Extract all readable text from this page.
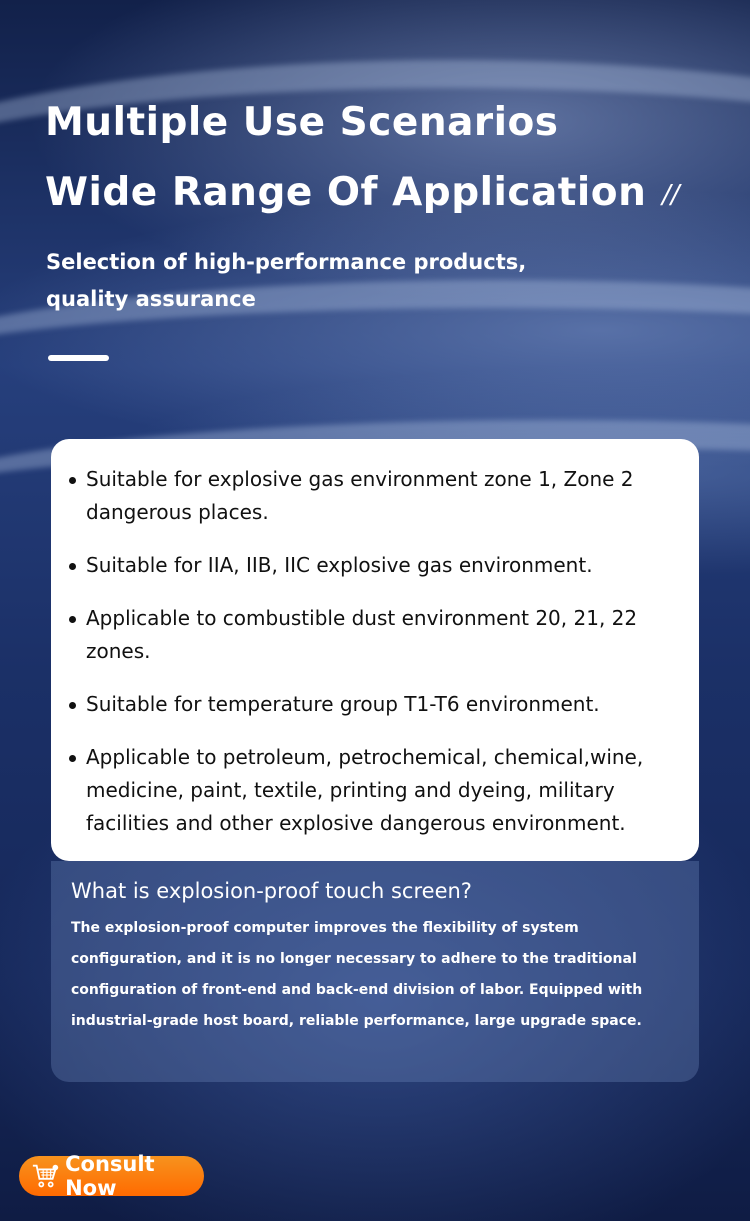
Multiple Use Scenarios
Wide Range Of Application //
Selection of high-performance products,
quality assurance
Suitable for explosive gas environment zone 1, Zone 2 dangerous places.
Suitable for IIA, IIB, IIC explosive gas environment.
Applicable to combustible dust environment 20, 21, 22 zones.
Suitable for temperature group T1-T6 environment.
Applicable to petroleum, petrochemical, chemical,wine, medicine, paint, textile, printing and dyeing, military facilities and other explosive dangerous environment.
What is explosion-proof touch screen?
The explosion-proof computer improves the flexibility of system configuration, and it is no longer necessary to adhere to the traditional configuration of front-end and back-end division of labor. Equipped with industrial-grade host board, reliable performance, large upgrade space.
Consult Now
